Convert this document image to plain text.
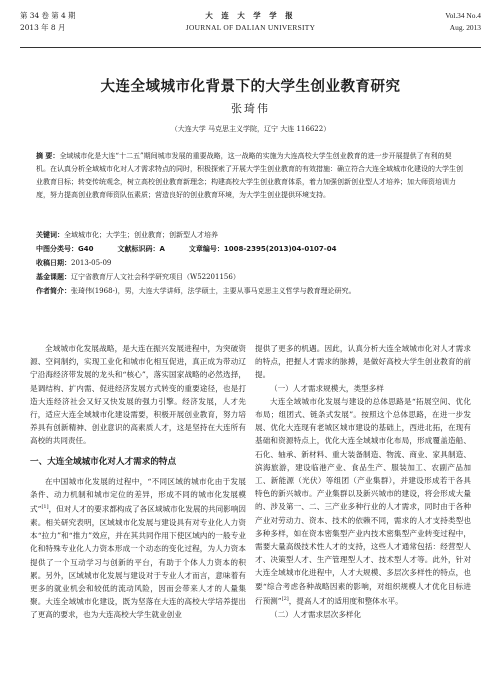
第 34 卷 第 4 期
2013 年 8 月
大 连 大 学 学 报
JOURNAL OF DALIAN UNIVERSITY
Vol.34 No.4
Aug. 2013
大连全域城市化背景下的大学生创业教育研究
张琦伟
（大连大学 马克思主义学院，辽宁 大连 116622）
摘 要：全域城市化是大连“十二五”期间城市发展的重要战略，这一战略的实施为大连高校大学生创业教育的进一步开展提供了有利的契机。在认真分析全域城市化对人才需求特点的同时，积极探索了开展大学生创业教育的有效措施：确立符合大连全域城市化建设的大学生创业教育目标；转变传统观念，树立高校创业教育新理念；构建高校大学生创业教育体系，着力加强创新创业型人才培养；加大师资培训力度，努力提高创业教育师资队伍素质；营造良好的创业教育环境，为大学生创业提供环境支持。
关键词：全域城市化；大学生；创业教育；创新型人才培养
中图分类号：G40	文献标识码：A	文章编号：1008-2395(2013)04-0107-04
收稿日期：2013-05-09
基金课题：辽宁省教育厅人文社会科学研究项目（W52201156）
作者简介：张琦伟(1968-)，男，大连大学讲师，法学硕士，主要从事马克思主义哲学与教育理论研究。

全域城市化发展战略，是大连在振兴发展进程中，为突破资源、空间制约，实现工业化和城市化相互促进，真正成为带动辽宁沿海经济带发展的龙头和“核心”，落实国家战略的必然选择，是调结构、扩内需、促进经济发展方式转变的重要途径，也是打造大连经济社会又好又快发展的强力引擎。经济发展，人才先行，适应大连全域城市化建设需要，积极开展创业教育，努力培养具有创新精神、创业意识的高素质人才，这是坚持在大连所有高校的共同责任。

一、大连全域城市化对人才需求的特点

在中国城市化发展的过程中，“不同区域的城市化由于发展条件、动力机制和城市定位的差异，形成不同的城市化发展模式”[1]，但对人才的要求都构成了各区域城市化发展的共同影响因素。相关研究表明，区域城市化发展与建设具有对专业化人力资本“拉力”和“推力”效应，并在其共同作用下使区域内的一般专业化和特殊专业化人力资本形成一个动态的变化过程，为人力资本提供了一个互动学习与创新的平台，有助于个体人力资本的积累。另外，区域城市化发展与建设对于专业人才而言，意味着有更多的就业机会和较低的流动风险，因而会带来人才的人量集聚。大连全域城市化建设，既为坚落在大连的高校大学培养提出了更高的要求，也为大连高校大学生就业创业

提供了更多的机遇。因此，认真分析大连全域城市化对人才需求的特点，把握人才需求的脉搏，是做好高校大学生创业教育的前提。

（一）人才需求规模大，类型多样

大连全域城市化发展与建设的总体思路是“拓展空间、优化布局；组团式、链条式发展”。按照这个总体思路，在进一步发展、优化大连现有老城区城市建设的基础上，西进北拓，在现有基础和资源特点上，优化大连全域城市化布局，形成覆盖造船、石化、轴承、新材料、重大装备制造、物流、商业、家具制造、滨海旅游，建设临港产业、食品生产、服装加工、农副产品加工、新能源（光伏）等组团（产业集群），并建设形成若干各具特色的新兴城市。产业集群以及新兴城市的建设，将会形成大量的、涉及第一、二、三产业多种行业的人才需求，同时由于各种产业对劳动力、资本、技术的依赖不同，需求的人才支持类型也多种多样，如在资本密集型产业内技术密集型产业转变过程中，需要大量高级技术性人才的支持，这些人才通常包括：经营型人才、决策型人才、生产管理型人才、技术型人才等。此外，针对大连全域城市化进程中，人才大规模、多层次多样性的特点，也要“综合考虑各种战略因素的影响，对组织规模人才优化目标进行预测”[2]，提高人才的适用度和整体水平。

（二）人才需求层次多样化
